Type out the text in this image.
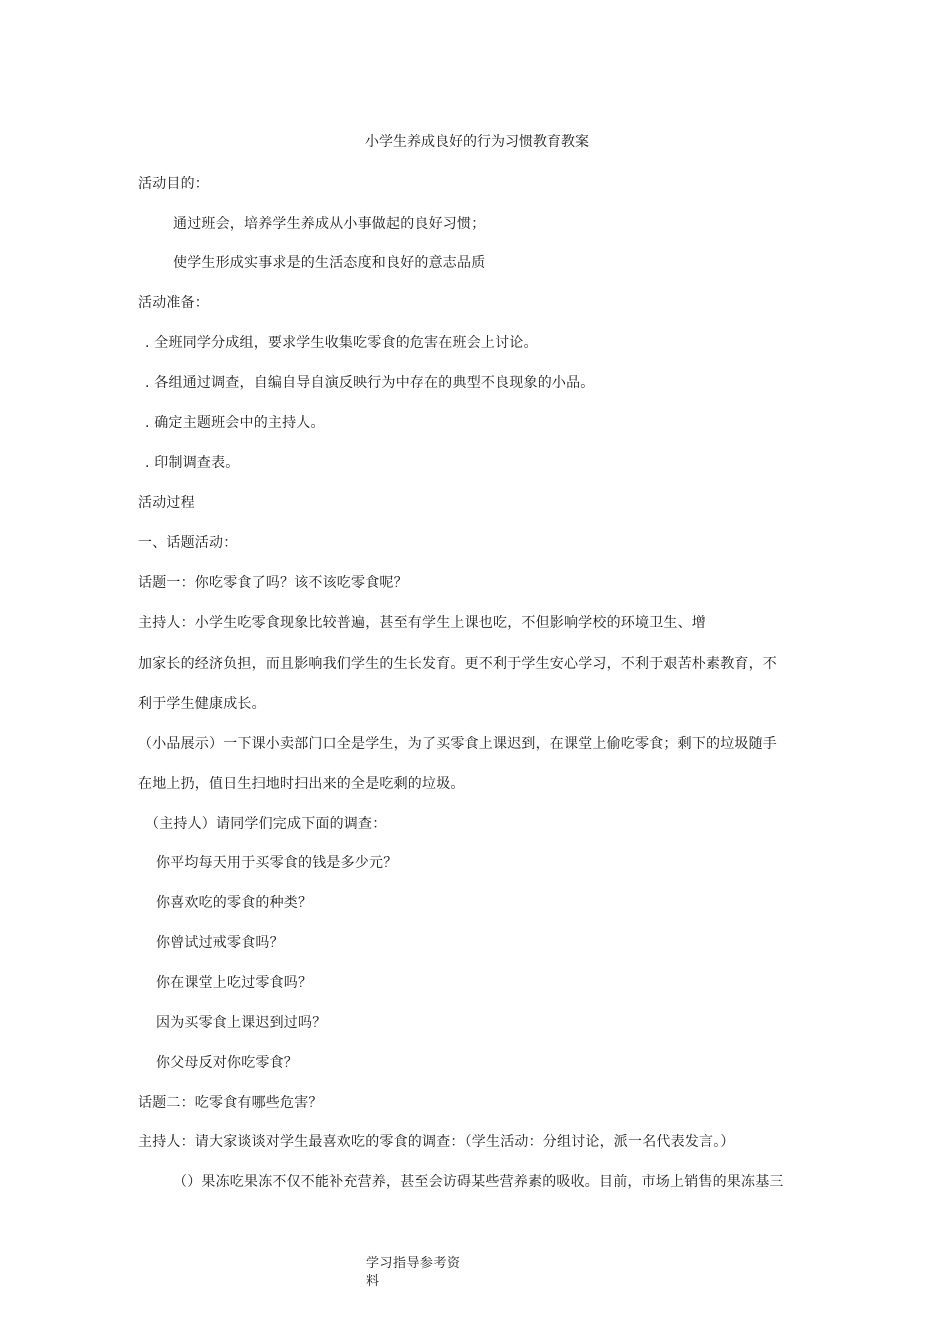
小学生养成良好的行为习惯教育教案
活动目的：
通过班会，培养学生养成从小事做起的良好习惯；
使学生形成实事求是的生活态度和良好的意志品质
活动准备：
. 全班同学分成组，要求学生收集吃零食的危害在班会上讨论。
. 各组通过调查，自编自导自演反映行为中存在的典型不良现象的小品。
. 确定主题班会中的主持人。
. 印制调查表。
活动过程
一、话题活动：
话题一：你吃零食了吗？该不该吃零食呢？
主持人：小学生吃零食现象比较普遍，甚至有学生上课也吃，不但影响学校的环境卫生、增
加家长的经济负担，而且影响我们学生的生长发育。更不利于学生安心学习，不利于艰苦朴素教育，不
利于学生健康成长。
（小品展示）一下课小卖部门口全是学生，为了买零食上课迟到，在课堂上偷吃零食；剩下的垃圾随手
在地上扔，值日生扫地时扫出来的全是吃剩的垃圾。
（主持人）请同学们完成下面的调查：
你平均每天用于买零食的钱是多少元？
你喜欢吃的零食的种类？
你曾试过戒零食吗？
你在课堂上吃过零食吗？
因为买零食上课迟到过吗？
你父母反对你吃零食？
话题二：吃零食有哪些危害？
主持人：请大家谈谈对学生最喜欢吃的零食的调查：（学生活动：分组讨论，派一名代表发言。）
（）果冻吃果冻不仅不能补充营养，甚至会访碍某些营养素的吸收。目前，市场上销售的果冻基三
学习指导参考资料
